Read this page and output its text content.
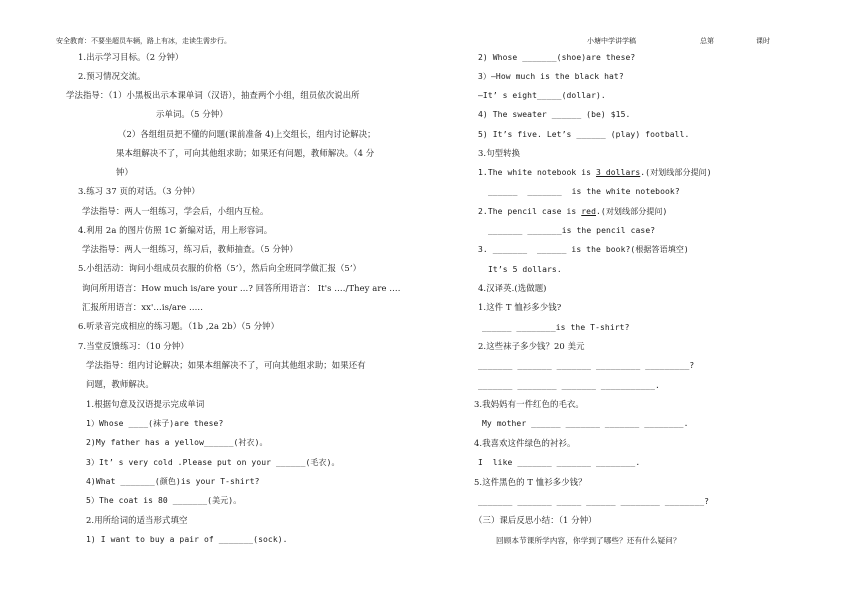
安全教育：不要坐超员车辆，路上有冰，走读生需步行。	小塘中学讲学稿	总第	课时
1.出示学习目标。（2 分钟）
2.预习情况交流。
学法指导：（1）小黑板出示本课单词（汉语），抽查两个小组，组员依次说出所
示单词。（5 分钟）
（2）各组组员把不懂的问题(课前准备 4)上交组长，组内讨论解决；
果本组解决不了，可向其他组求助；如果还有问题，教师解决。（4 分
钟）
3.练习 37 页的对话。（3 分钟）
学法指导：两人一组练习，学会后，小组内互检。
4.利用 2a 的图片仿照 1C 新编对话，用上形容词。
学法指导：两人一组练习，练习后，教师抽查。（5 分钟）
5.小组活动：询问小组成员衣服的价格（5’），然后向全班同学做汇报（5’）
询问所用语言：How much is/are your …? 回答所用语言： It's …./They are ….
汇报所用语言：xx'…is/are …..
6.听录音完成相应的练习题。（1b ,2a 2b）（5 分钟）
7.当堂反馈练习：（10 分钟）
学法指导：组内讨论解决；如果本组解决不了，可向其他组求助；如果还有
问题，教师解决。
1.根据句意及汉语提示完成单词
1）Whose ____(袜子)are these?
2)My father has a yellow______(衬衣)。
3）It’ s very cold .Please put on your ______(毛衣)。
4)What _______(颜色)is your T-shirt?
5）The coat is 80 _______(美元)。
2.用所给词的适当形式填空
1) I want to buy a pair of _______(sock).
2) Whose _______(shoe)are these?
3）—How much is the black hat?
—It’ s eight_____(dollar).
4) The sweater ______ (be) $15.
5) It’s five. Let’s ______ (play) football.
3.句型转换
1.The white notebook is 3 dollars.(对划线部分提问)
______  _______  is the white notebook?
2.The pencil case is red.(对划线部分提问)
_______ _______is the pencil case?
3. _______  ______ is the book?(根据答语填空)
It’s 5 dollars.
4.汉译英.(选做题)
1.这件 T 恤衫多少钱?
______ ________is the T-shirt?
2.这些袜子多少钱？20 美元
_______ _______ _______ _________ _________?
_______ ________ _______ ___________.
3.我妈妈有一件红色的毛衣。
My mother ______ _______ _______ ________.
4.我喜欢这件绿色的衬衫。
I  like _______ _______ ________.
5.这件黑色的 T 恤衫多少钱？
_______ _______ _____ ______ ________ ________?
（三）课后反思小结：（1 分钟）
回顾本节课所学内容，你学到了哪些？还有什么疑问？
